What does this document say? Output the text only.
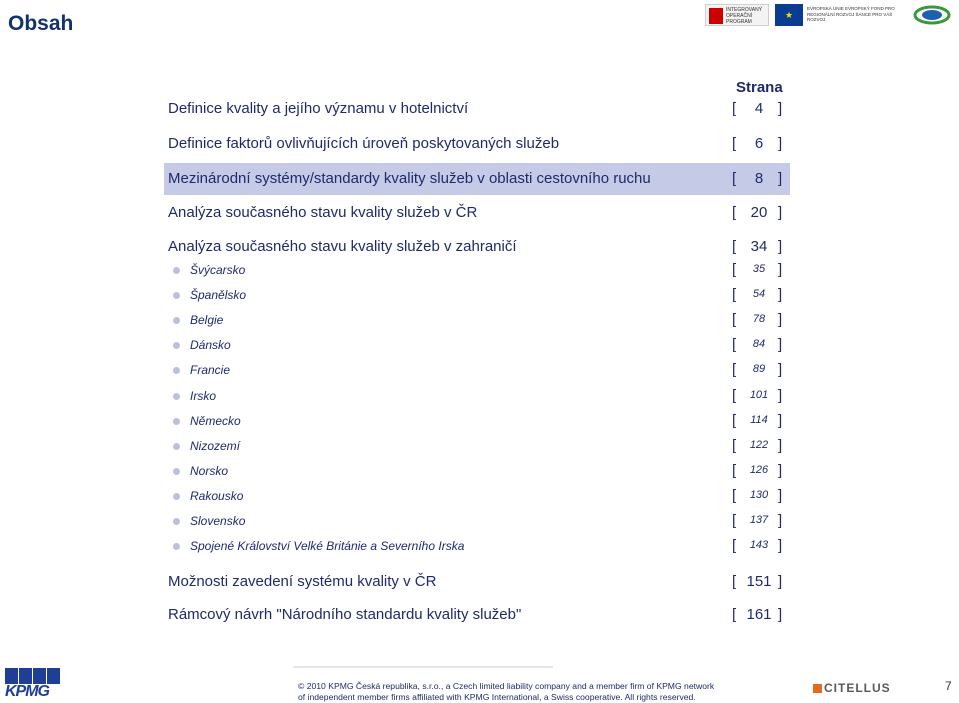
Obsah
INTEGROVANÝ OPERAČNÍ PROGRAM
★
EVROPSKÁ UNIE EVROPSKÝ FOND PRO REGIONÁLNÍ ROZVOJ ŠANCE PRO VÁŠ ROZVOJ
Strana
Definice kvality a jejího významu v hotelnictví	[	4 ]
Definice faktorů ovlivňujících úroveň poskytovaných služeb	[	6 ]
Mezinárodní systémy/standardy kvality služeb v oblasti cestovního ruchu	[	8 ]
Analýza současného stavu kvality služeb v ČR	[ 20 ]
Analýza současného stavu kvality služeb v zahraničí	[ 34 ]
Švýcarsko	[	35 ]
Španělsko	[	54 ]
Belgie	[	78 ]
Dánsko	[	84 ]
Francie	[	89 ]
Irsko	[	101 ]
Německo	[	114 ]
Nizozemí	[	122 ]
Norsko	[	126 ]
Rakousko	[	130 ]
Slovensko	[	137 ]
Spojené Království Velké Británie a Severního Irska	[	143 ]
Možnosti zavedení systému kvality v ČR	[ 151 ]
Rámcový návrh "Národního standardu kvality služeb"	[ 161 ]
KPMG	© 2010 KPMG Česká republika, s.r.o., a Czech limited liability company and a member firm of KPMG network
of independent member firms affiliated with KPMG International, a Swiss cooperative. All rights reserved.
CITELLUS	7
